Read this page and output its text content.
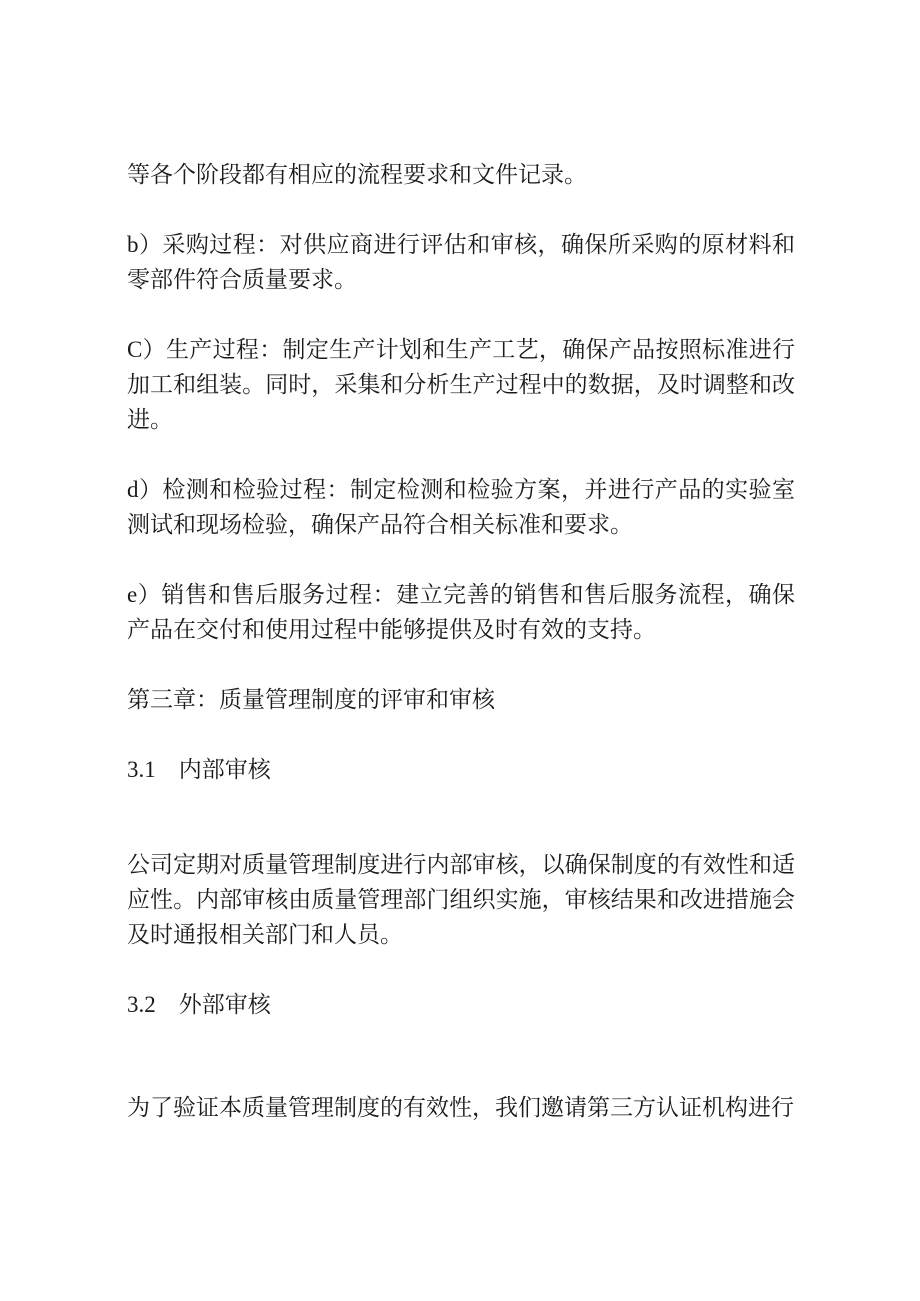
等各个阶段都有相应的流程要求和文件记录。
b）采购过程：对供应商进行评估和审核，确保所采购的原材料和零部件符合质量要求。
C）生产过程：制定生产计划和生产工艺，确保产品按照标准进行加工和组装。同时，采集和分析生产过程中的数据，及时调整和改进。
d）检测和检验过程：制定检测和检验方案，并进行产品的实验室测试和现场检验，确保产品符合相关标准和要求。
e）销售和售后服务过程：建立完善的销售和售后服务流程，确保产品在交付和使用过程中能够提供及时有效的支持。
第三章：质量管理制度的评审和审核
3.1　内部审核
公司定期对质量管理制度进行内部审核，以确保制度的有效性和适应性。内部审核由质量管理部门组织实施，审核结果和改进措施会及时通报相关部门和人员。
3.2　外部审核
为了验证本质量管理制度的有效性，我们邀请第三方认证机构进行
